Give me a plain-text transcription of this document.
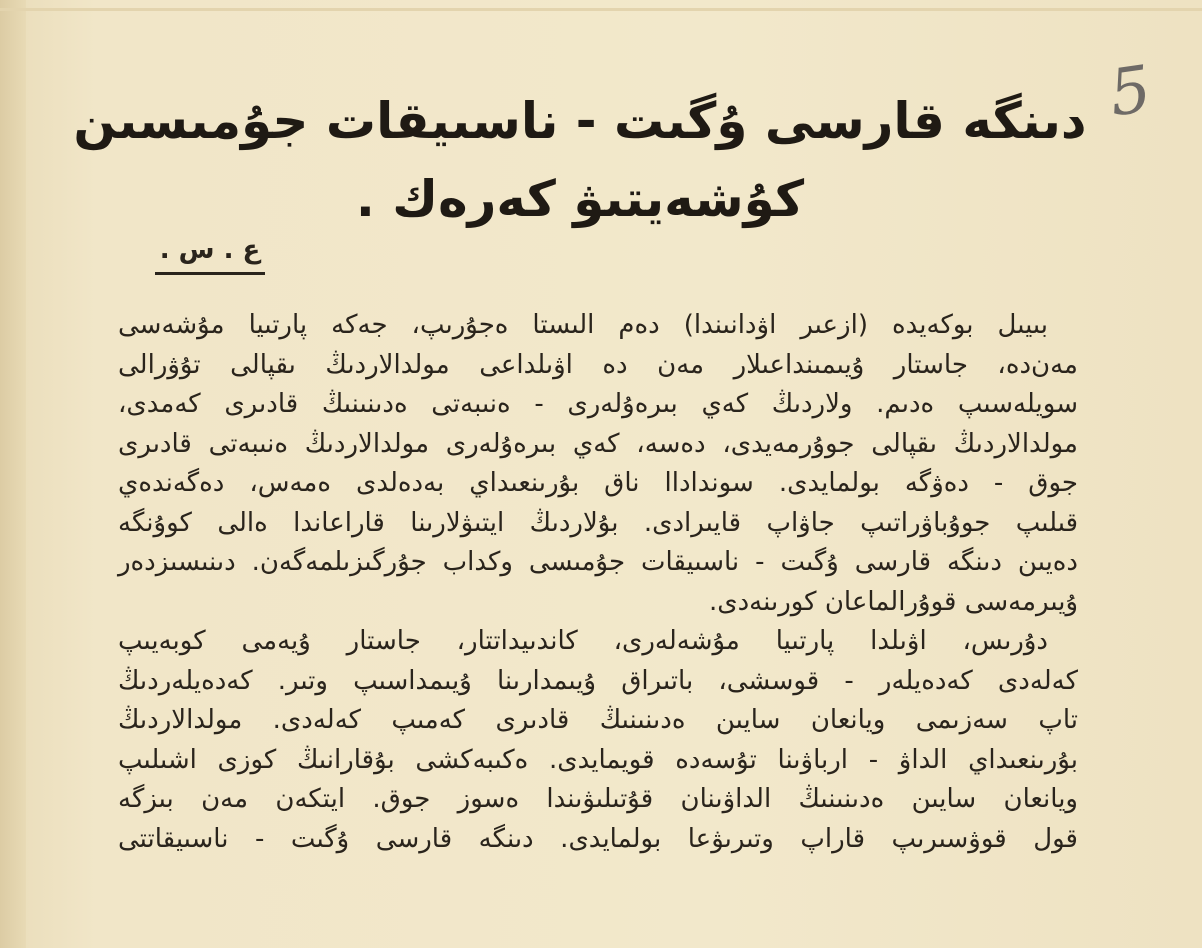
5
دىنگە قارسى ۇگىت - ناسىيقات جۇمىسىن
كۇشەيتىۋ كەرەك .
ع . س .
بىيىل بوكەيدە (ازعىر اۋدانىندا) دەم الىستا ەجۇرىپ، جەكە پارتىيا مۇشەسى
مەن‌دە، جاستار ۇيىمىنداعىلار مەن دە اۋىلداعى مولدالاردىڭ ىقپالى تۇۋرالى
سويلەسىپ ەدىم. ولاردىڭ كەي بىرەۇلەرى - ەنىبەتى ەدىنىنىڭ قادىرى كەمدى،
مولدالاردىڭ ىقپالى جوۇرمەيدى، دەسە، كەي بىرەۇلەرى مولدالاردىڭ ەنىبەتى قادىرى
جوق - دەۋگە بولمايدى. سونداداا ناق بۇرىنعىداي بەدەلدى ەمەس، دەگەندەي
قىلىپ جوۇباۋراتىپ جاۋاپ قايىرادى. بۇلاردىڭ ايتىۋلارىنا قاراعاندا ەالى كوۇنگە
دەيىن دىنگە قارسى ۇگىت - ناسىيقات جۇمىسى وكداب جۇرگىزىلمەگەن. دىنىسىزدەر
ۇيىرمەسى قوۇرالماعان كورىنەدى.
دۇرىس، اۋىلدا پارتىيا مۇشەلەرى، كاندىيداتتار، جاستار ۇيەمى كوبەيىپ
كەلەدى كەدەيلەر - قوسشى، باتىراق ۇيىمدارىنا ۇيىمداسىپ وتىر. كەدەيلەردىڭ
تاپ سەزىمى ويانعان سايىن ەدىنىنىڭ قادىرى كەمىپ كەلەدى. مولدالاردىڭ
بۇرىنعىداي الداۋ - ارباۋىنا تۇسەدە قويمايدى. ەكىبەكشى بۇقارانىڭ كوزى اشىلىپ
ويانعان سايىن ەدىنىنىڭ الداۋىنان قۇتىلىۋىندا ەسوز جوق. ايتكەن مەن بىزگە
قول قوۋسىرىپ قاراپ وتىرىۋعا بولمايدى. دىنگە قارسى ۇگىت - ناسىيقاتتى
